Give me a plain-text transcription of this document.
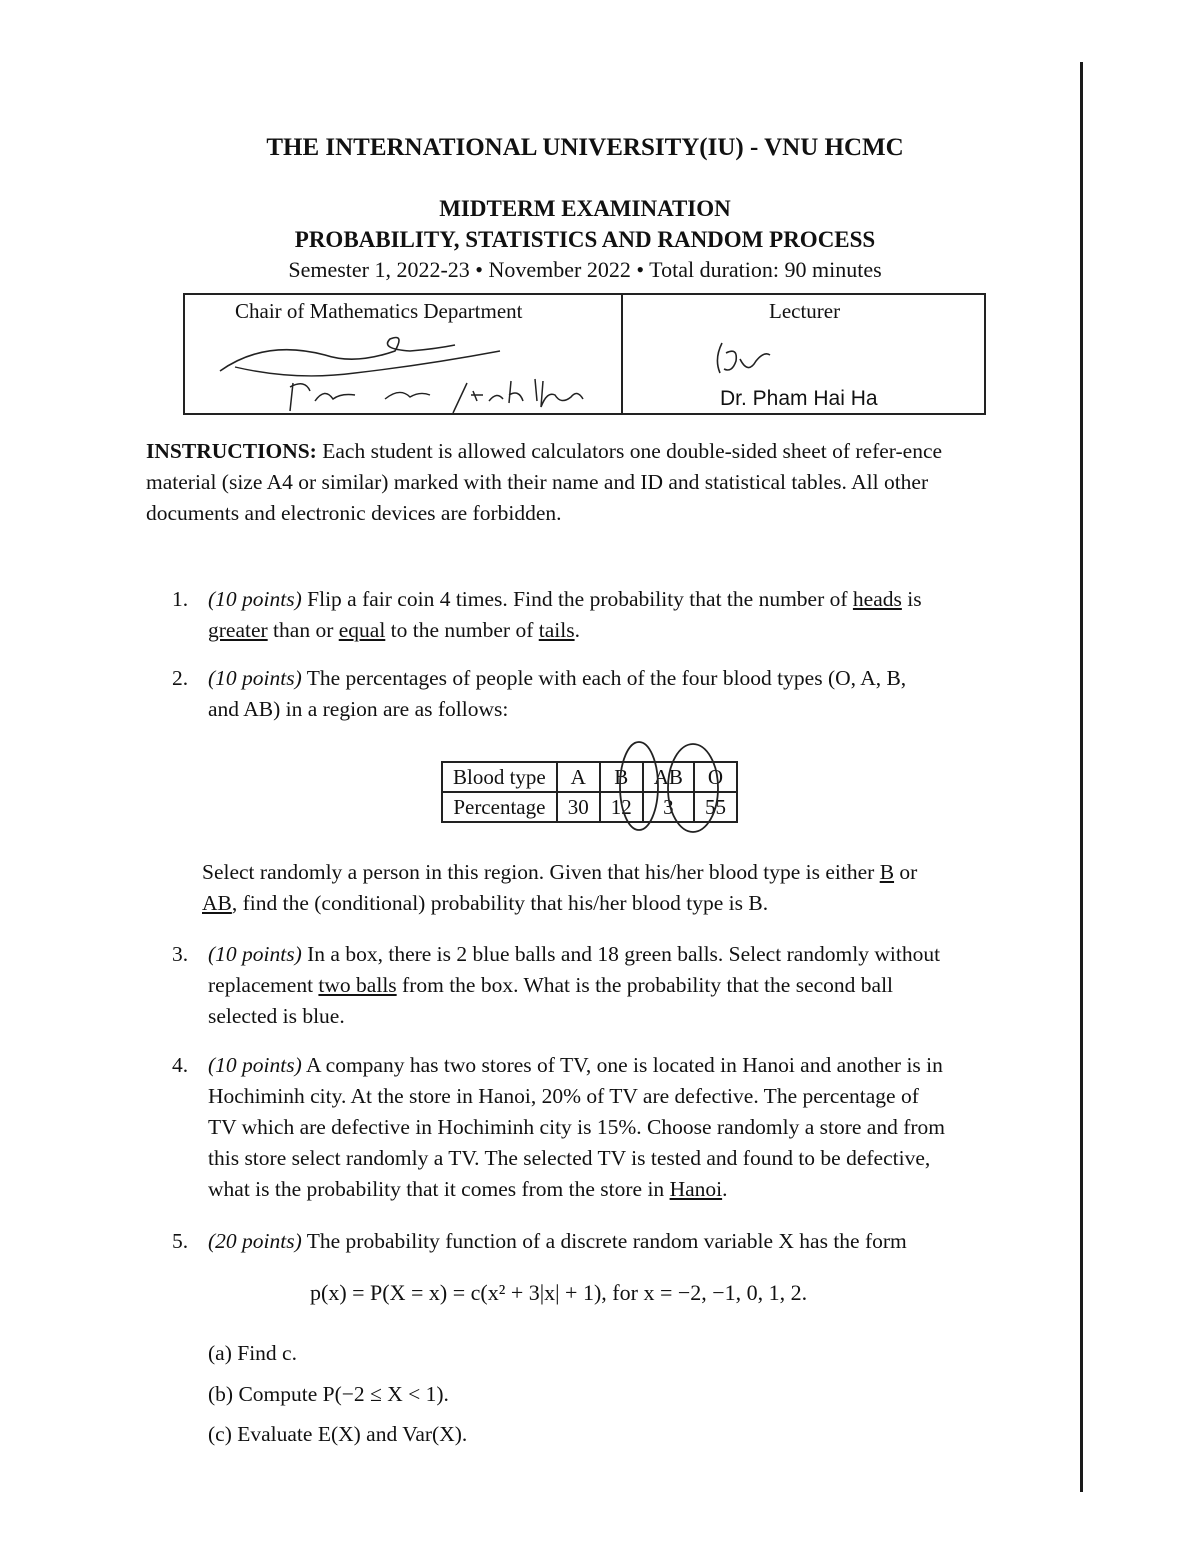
THE INTERNATIONAL UNIVERSITY(IU) - VNU HCMC
MIDTERM EXAMINATION
PROBABILITY, STATISTICS AND RANDOM PROCESS
Semester 1, 2022-23 • November 2022 • Total duration: 90 minutes
Chair of Mathematics Department	Lecturer
Dr. Pham Hai Ha
INSTRUCTIONS: Each student is allowed calculators one double-sided sheet of refer-ence material (size A4 or similar) marked with their name and ID and statistical tables. All other documents and electronic devices are forbidden.
1. (10 points) Flip a fair coin 4 times. Find the probability that the number of heads is
greater than or equal to the number of tails.
2. (10 points) The percentages of people with each of the four blood types (O, A, B,
and AB) in a region are as follows:
Blood type	A	B	AB	O
Percentage	30	12	3	55
Select randomly a person in this region. Given that his/her blood type is either B or
AB, find the (conditional) probability that his/her blood type is B.
3. (10 points) In a box, there is 2 blue balls and 18 green balls. Select randomly without
replacement two balls from the box. What is the probability that the second ball
selected is blue.
4. (10 points) A company has two stores of TV, one is located in Hanoi and another is in
Hochiminh city. At the store in Hanoi, 20% of TV are defective. The percentage of
TV which are defective in Hochiminh city is 15%. Choose randomly a store and from
this store select randomly a TV. The selected TV is tested and found to be defective,
what is the probability that it comes from the store in Hanoi.
5. (20 points) The probability function of a discrete random variable X has the form
p(x) = P(X = x) = c(x² + 3|x| + 1), for x = −2, −1, 0, 1, 2.
(a) Find c.
(b) Compute P(−2 ≤ X < 1).
(c) Evaluate E(X) and Var(X).
